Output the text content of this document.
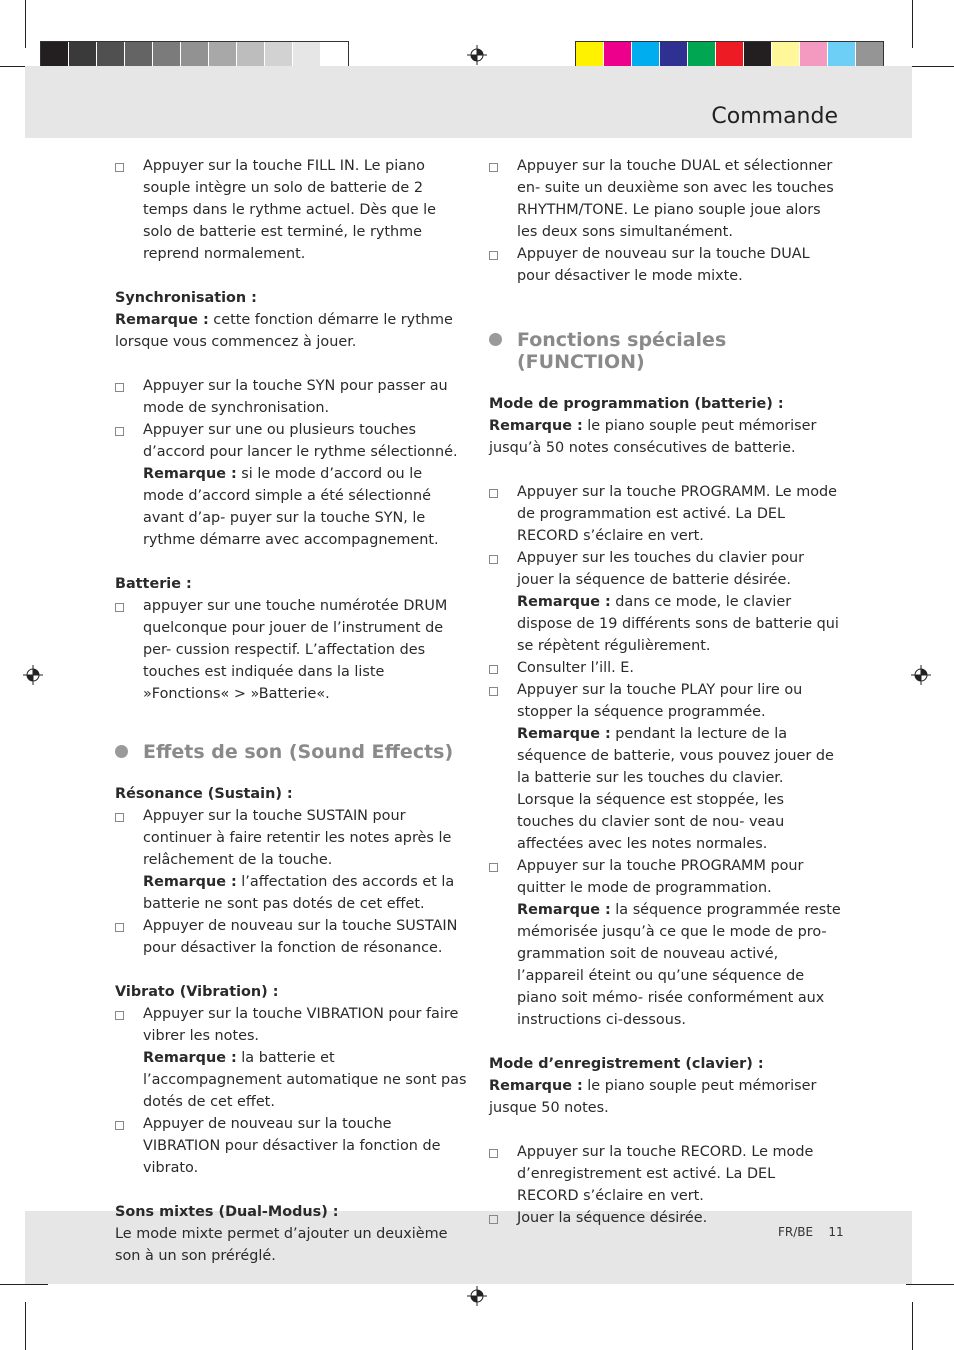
Commande
FR/BE 11
Appuyer sur la touche FILL IN. Le piano souple intègre un solo de batterie de 2 temps dans le rythme actuel. Dès que le solo de batterie est terminé, le rythme reprend normalement.

Synchronisation :

Remarque : cette fonction démarre le rythme lorsque vous commencez à jouer.

Appuyer sur la touche SYN pour passer au mode de synchronisation.
Appuyer sur une ou plusieurs touches d’accord pour lancer le rythme sélectionné.

Remarque : si le mode d’accord ou le mode d’accord simple a été sélectionné avant d’ap- puyer sur la touche SYN, le rythme démarre avec accompagnement.

Batterie :

appuyer sur une touche numérotée DRUM quelconque pour jouer de l’instrument de per- cussion respectif. L’affectation des touches est indiquée dans la liste »Fonctions« > »Batterie«.
Effets de son (Sound Effects)

Résonance (Sustain) :

Appuyer sur la touche SUSTAIN pour continuer à faire retentir les notes après le relâchement de la touche.

Remarque : l’affectation des accords et la batterie ne sont pas dotés de cet effet.

Appuyer de nouveau sur la touche SUSTAIN pour désactiver la fonction de résonance.

Vibrato (Vibration) :

Appuyer sur la touche VIBRATION pour faire vibrer les notes.

Remarque : la batterie et l’accompagnement automatique ne sont pas dotés de cet effet.

Appuyer de nouveau sur la touche VIBRATION pour désactiver la fonction de vibrato.

Sons mixtes (Dual-Modus) :

Le mode mixte permet d’ajouter un deuxième son à un son préréglé.

Appuyer sur la touche DUAL et sélectionner en- suite un deuxième son avec les touches RHYTHM/TONE. Le piano souple joue alors les deux sons simultanément.
Appuyer de nouveau sur la touche DUAL pour désactiver le mode mixte.
Fonctions spéciales (FUNCTION)

Mode de programmation (batterie) :

Remarque : le piano souple peut mémoriser jusqu’à 50 notes consécutives de batterie.

Appuyer sur la touche PROGRAMM. Le mode de programmation est activé. La DEL RECORD s’éclaire en vert.
Appuyer sur les touches du clavier pour jouer la séquence de batterie désirée.

Remarque : dans ce mode, le clavier dispose de 19 différents sons de batterie qui se répètent régulièrement.

Consulter l’ill. E.
Appuyer sur la touche PLAY pour lire ou stopper la séquence programmée.

Remarque : pendant la lecture de la séquence de batterie, vous pouvez jouer de la batterie sur les touches du clavier. Lorsque la séquence est stoppée, les touches du clavier sont de nou- veau affectées avec les notes normales.

Appuyer sur la touche PROGRAMM pour quitter le mode de programmation.

Remarque : la séquence programmée reste mémorisée jusqu’à ce que le mode de pro- grammation soit de nouveau activé, l’appareil éteint ou qu’une séquence de piano soit mémo- risée conformément aux instructions ci-dessous.

Mode d’enregistrement (clavier) :

Remarque : le piano souple peut mémoriser jusque 50 notes.

Appuyer sur la touche RECORD. Le mode d’enregistrement est activé. La DEL RECORD s’éclaire en vert.
Jouer la séquence désirée.
